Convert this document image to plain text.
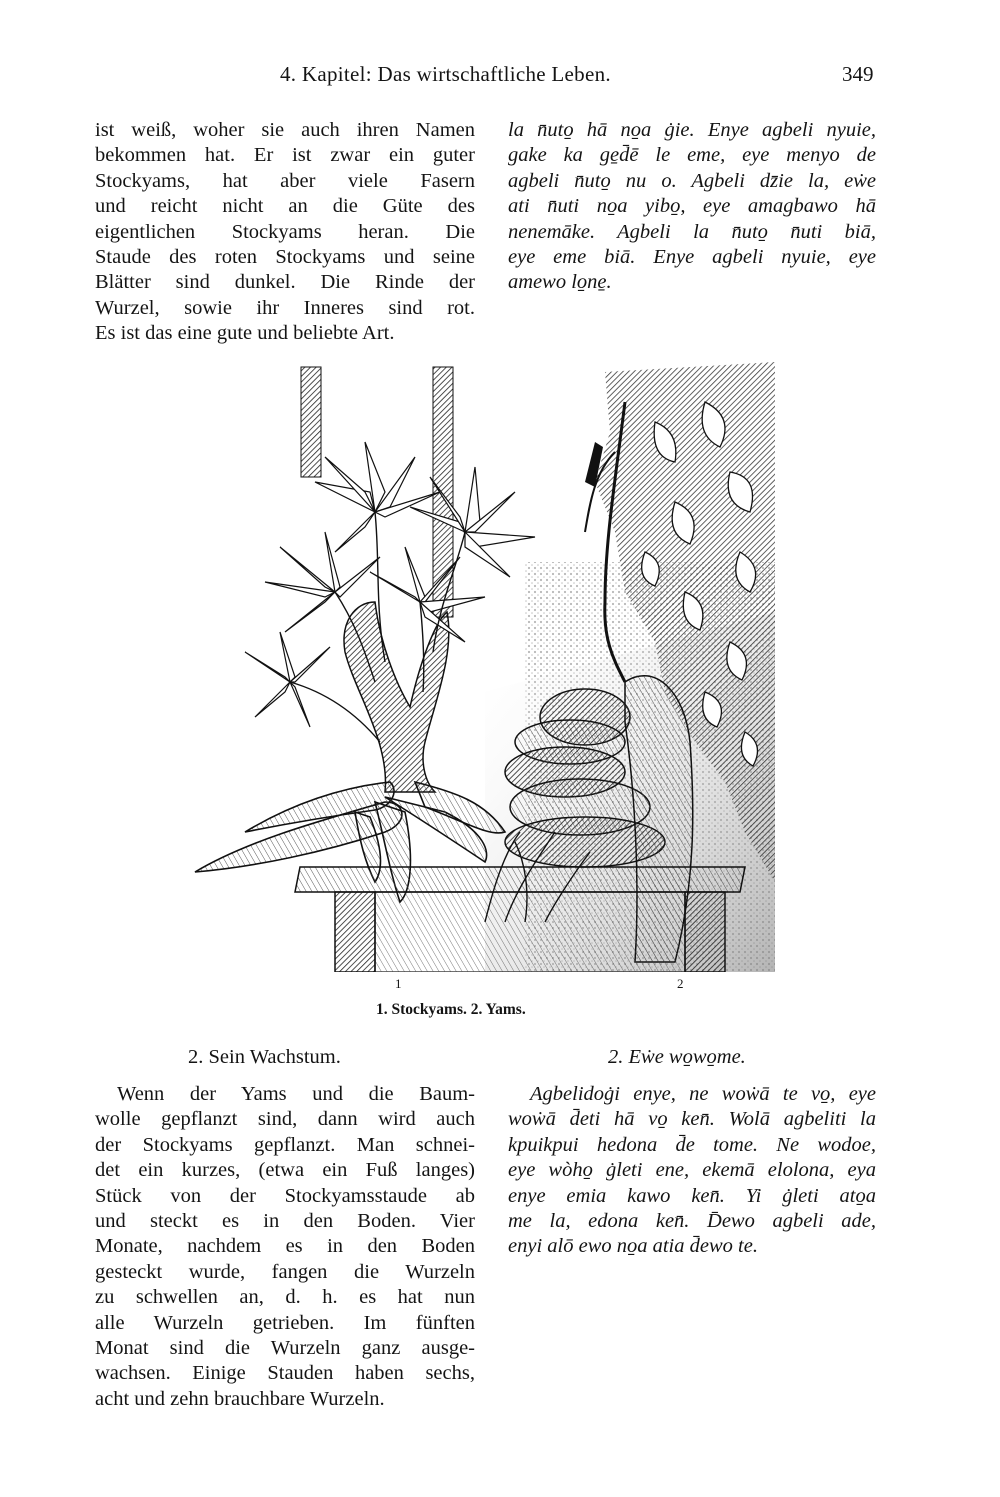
4. Kapitel: Das wirtschaftliche Leben.	349

ist weiß, woher sie auch ihren Namen
bekommen hat. Er ist zwar ein guter
Stockyams, hat aber viele Fasern
und reicht nicht an die Güte des
eigentlichen Stockyams heran. Die
Staude des roten Stockyams und seine
Blätter sind dunkel. Die Rinde der
Wurzel, sowie ihr Inneres sind rot.
Es ist das eine gute und beliebte Art.

la n̄uto̱ hā no̱a ġie. Enye agbeli nyuie,
gake ka ge̱d̄ē le eme, eye menyo de
agbeli n̄uto̱ nu o. Agbeli dz̄ie la, eẇe
ati n̄uti no̱a yibo̱, eye amagbawo hā
nenemāke. Agbeli la n̄uto̱ n̄uti biā,
eye eme biā. Enye agbeli nyuie, eye
amewo lo̱ne̱.

1	2
1. Stockyams. 2. Yams.
2. Sein Wachstum.	2. Eẇe wo̱wo̱me.

Wenn der Yams und die Baum-
wolle gepflanzt sind, dann wird auch
der Stockyams gepflanzt. Man schnei-
det ein kurzes, (etwa ein Fuß langes)
Stück von der Stockyamsstaude ab
und steckt es in den Boden. Vier
Monate, nachdem es in den Boden
gesteckt wurde, fangen die Wurzeln
zu schwellen an, d. h. es hat nun
alle Wurzeln getrieben. Im fünften
Monat sind die Wurzeln ganz ausge-
wachsen. Einige Stauden haben sechs,
acht und zehn brauchbare Wurzeln.

Agbelidoġi enye, ne woẇā te vo̱, eye
woẇā d̄eti hā vo̱ ken̄. Wolā agbeliti la
kpuikpui hedona d̄e tome. Ne wodoe,
eye wòho̱ ġleti ene, ekemā elolona, eya
enye emia kawo ken̄. Yi ġleti ato̱a
me la, edona ken̄. D̄ewo agbeli ade,
enyi alō ewo no̱a atia d̄ewo te.
